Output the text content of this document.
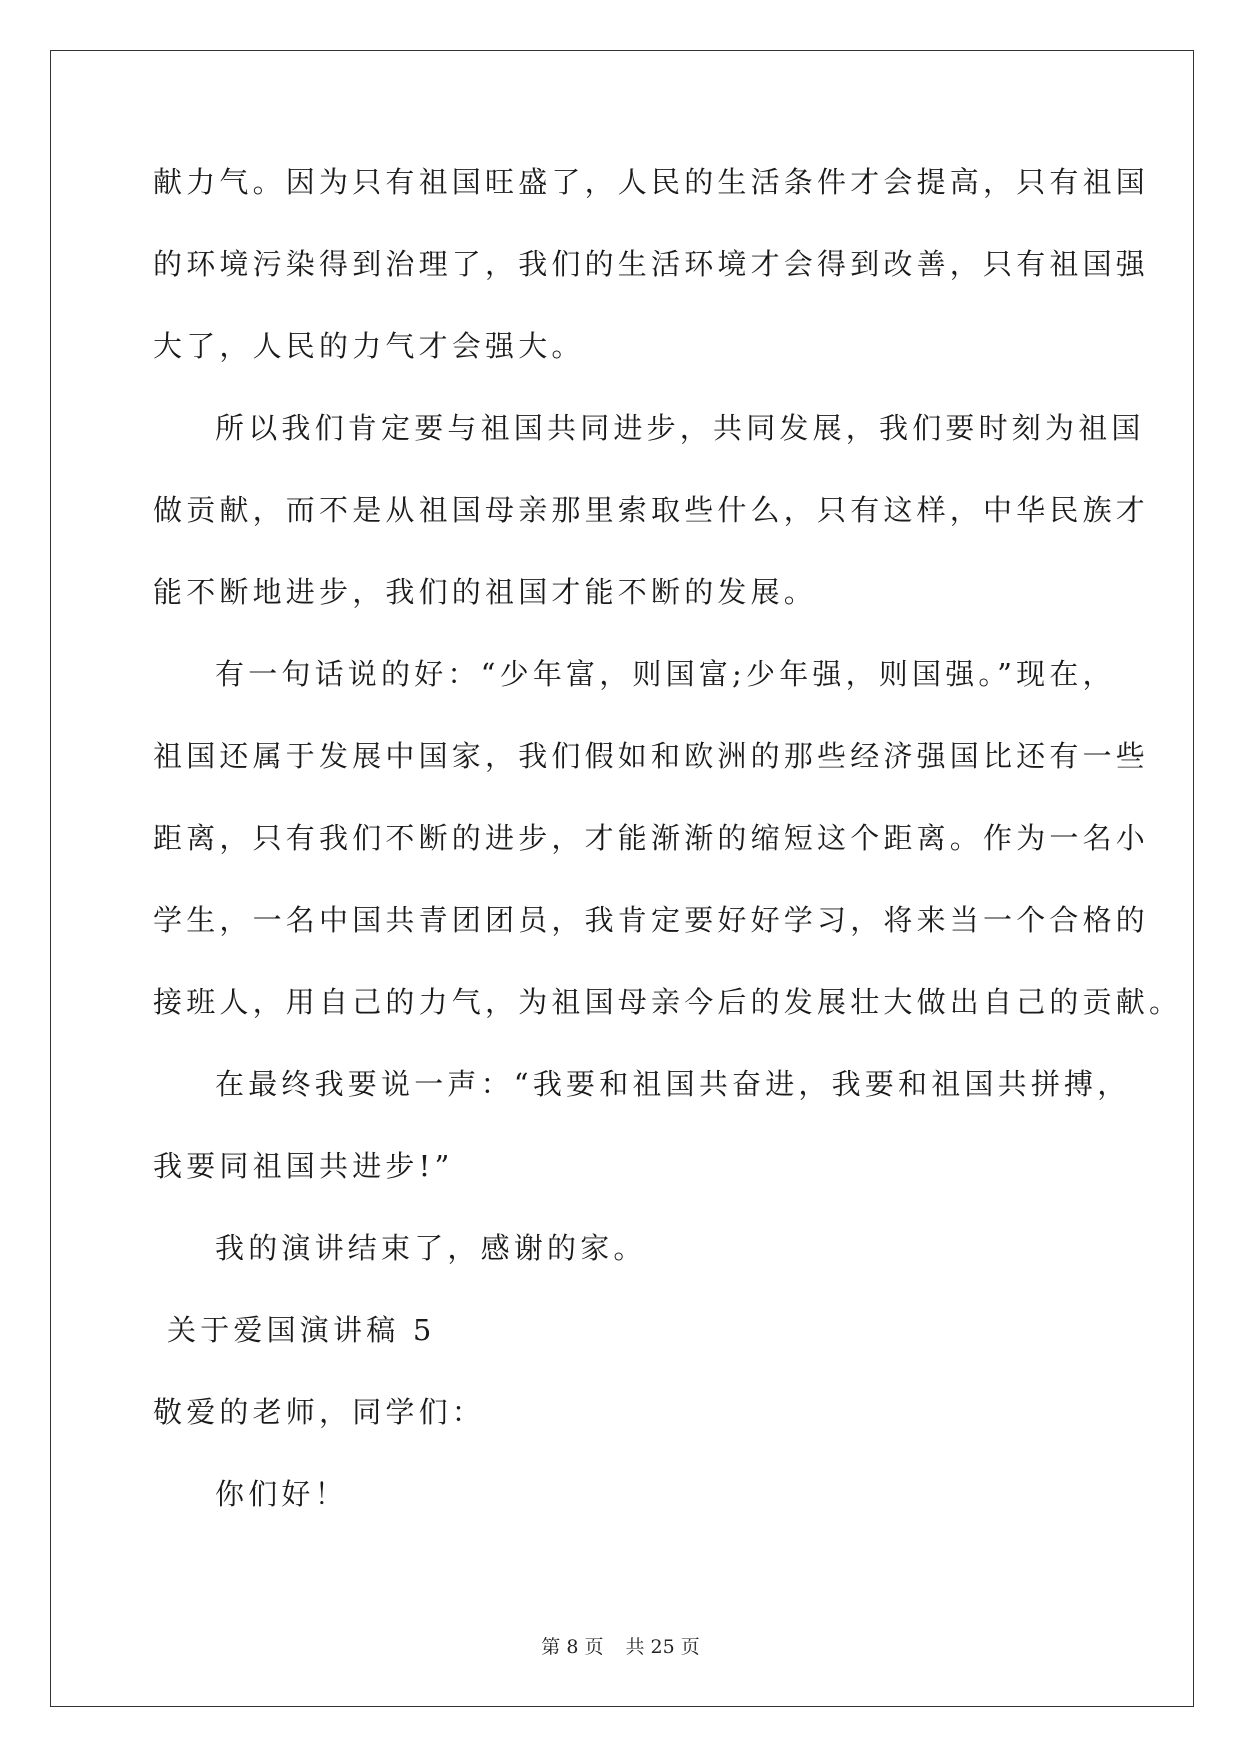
献力气。因为只有祖国旺盛了，人民的生活条件才会提高，只有祖国
的环境污染得到治理了，我们的生活环境才会得到改善，只有祖国强
大了，人民的力气才会强大。
所以我们肯定要与祖国共同进步，共同发展，我们要时刻为祖国
做贡献，而不是从祖国母亲那里索取些什么，只有这样，中华民族才
能不断地进步，我们的祖国才能不断的发展。
有一句话说的好：“少年富，则国富;少年强，则国强。”现在，
祖国还属于发展中国家，我们假如和欧洲的那些经济强国比还有一些
距离，只有我们不断的进步，才能渐渐的缩短这个距离。作为一名小
学生，一名中国共青团团员，我肯定要好好学习，将来当一个合格的
接班人，用自己的力气，为祖国母亲今后的发展壮大做出自己的贡献。
在最终我要说一声：“我要和祖国共奋进，我要和祖国共拼搏，
我要同祖国共进步!”
我的演讲结束了，感谢的家。
关于爱国演讲稿 5
敬爱的老师，同学们：
你们好！
第 8 页 共 25 页
